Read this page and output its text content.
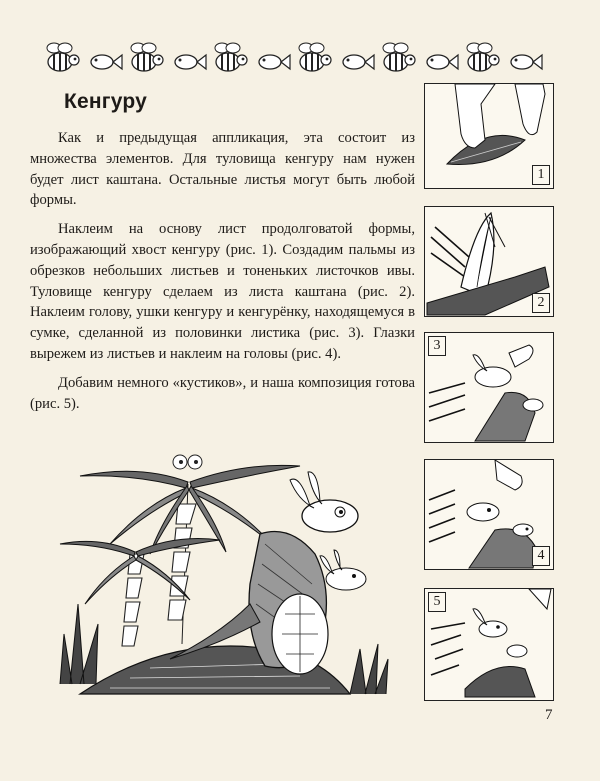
Кенгуру

Как и предыдущая аппликация, эта состоит из множества элементов. Для туловища кенгуру нам нужен будет лист каштана. Остальные листья могут быть любой формы.

Наклеим на основу лист продолговатой формы, изображающий хвост кенгуру (рис. 1). Создадим пальмы из обрезков небольших листьев и тоненьких листочков ивы. Туловище кенгуру сделаем из листа каштана (рис. 2). Наклеим голову, ушки кенгуру и кенгурёнку, находящемуся в сумке, сделанной из половинки листика (рис. 3). Глазки вырежем из листьев и наклеим на головы (рис. 4).

Добавим немного «кустиков», и наша композиция готова (рис. 5).

1
2
3
4
5
7
